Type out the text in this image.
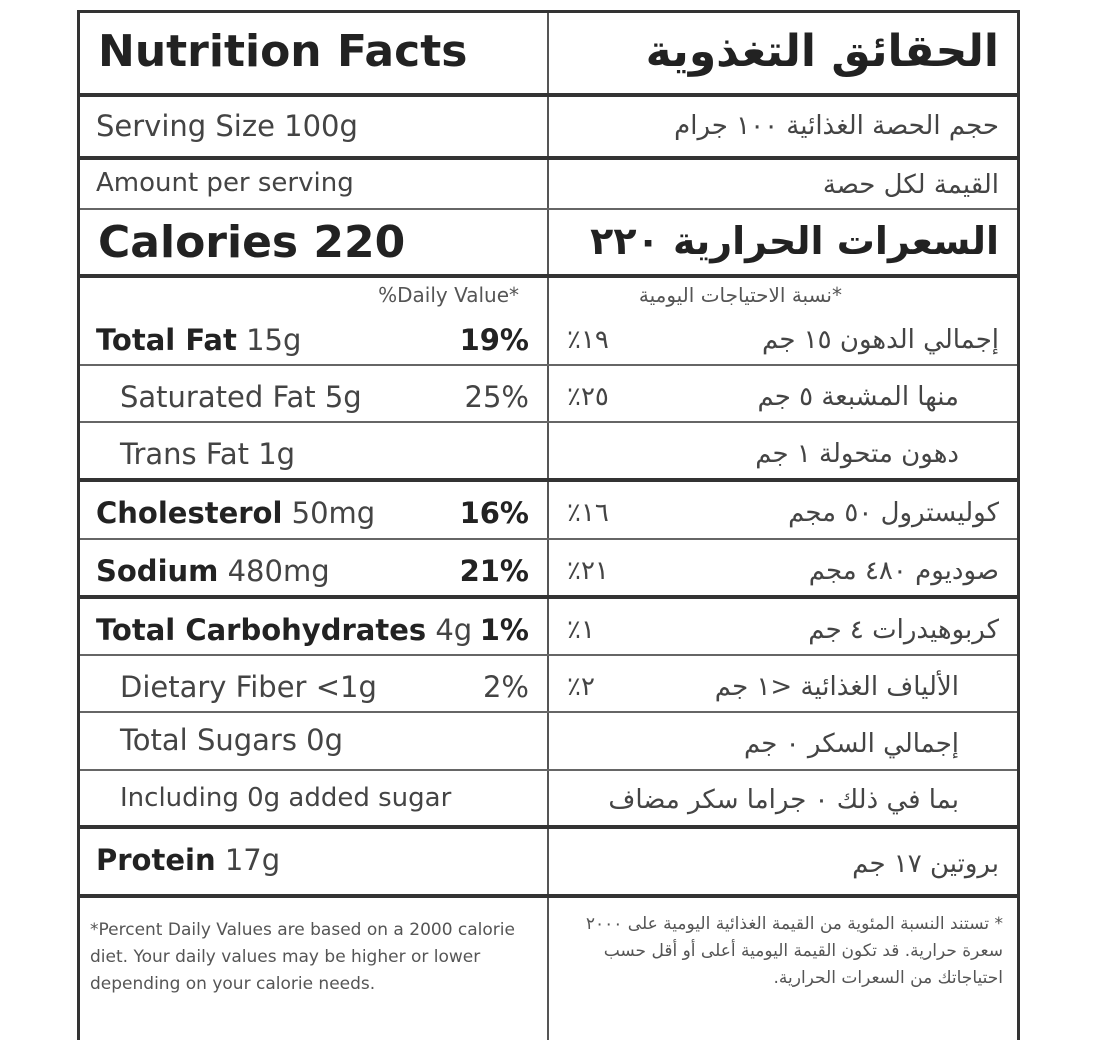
Nutrition Facts	الحقائق التغذوية
Serving Size 100g	حجم الحصة الغذائية ١٠٠ جرام
Amount per serving	القيمة لكل حصة
Calories 220	السعرات الحرارية ٢٢٠
%Daily Value*	*نسبة الاحتياجات اليومية
Total Fat 15g	19% ٪١٩	إجمالي الدهون ١٥ جم
Saturated Fat 5g	25% ٪٢٥	منها المشبعة ٥ جم
Trans Fat 1g	دهون متحولة ١ جم
Cholesterol 50mg	16% ٪١٦	كوليسترول ٥٠ مجم
Sodium 480mg	21% ٪٢١	صوديوم ٤٨٠ مجم
Total Carbohydrates 4g 1% ٪١	كربوهيدرات ٤ جم
Dietary Fiber <1g	2% ٪٢	الألياف الغذائية <١ جم
Total Sugars 0g	إجمالي السكر ٠ جم
Including 0g added sugar	بما في ذلك ٠ جراما سكر مضاف
Protein 17g	بروتين ١٧ جم
*Percent Daily Values are based on a 2000 calorie diet. Your daily values may be higher or lower depending on your calorie needs.
* تستند النسبة المئوية من القيمة الغذائية اليومية على ٢٠٠٠ سعرة حرارية. قد تكون القيمة اليومية أعلى أو أقل حسب احتياجاتك من السعرات الحرارية.
